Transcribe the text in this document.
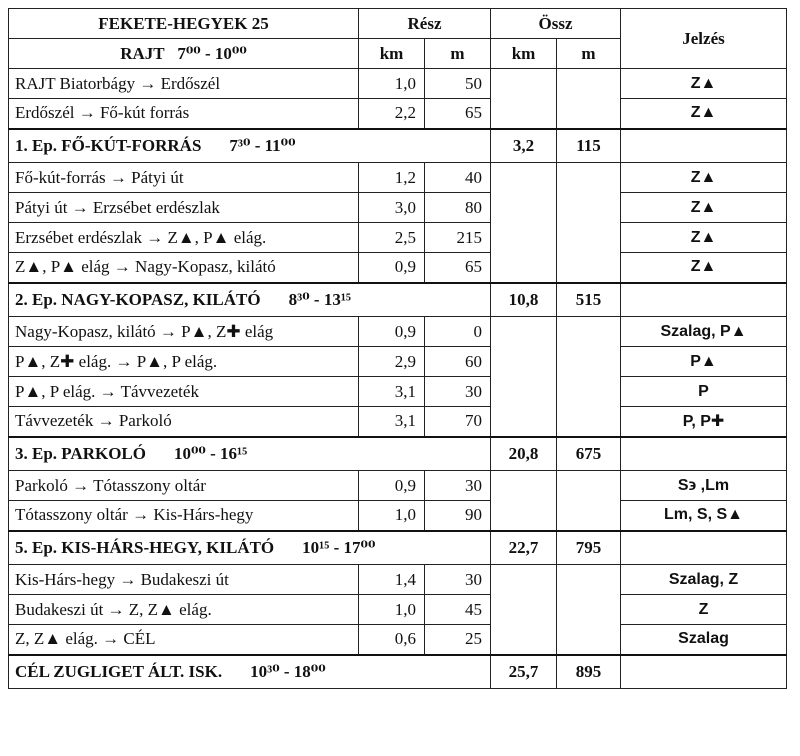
FEKETE-HEGYEK 25	Rész		Össz		Jelzés
RAJT 7⁰⁰ - 10⁰⁰	km	m	km	m	
RAJT Biatorbágy → Erdőszél	1,0	50			Z▲
Erdőszél → Fő-kút forrás	2,2	65			Z▲
1. Ep. FŐ-KÚT-FORRÁS 7³⁰ - 11⁰⁰			3,2	115	
Fő-kút-forrás → Pátyi út	1,2	40			Z▲
Pátyi út → Erzsébet erdészlak	3,0	80			Z▲
Erzsébet erdészlak → Z▲, P▲ elág.	2,5	215			Z▲
Z▲, P▲ elág → Nagy-Kopasz, kilátó	0,9	65			Z▲
2. Ep. NAGY-KOPASZ, KILÁTÓ 8³⁰ - 13¹⁵			10,8	515	
Nagy-Kopasz, kilátó → P▲, Z✚ elág	0,9	0			Szalag, P▲
P▲, Z✚ elág. → P▲, P elág.	2,9	60			P▲
P▲, P elág. → Távvezeték	3,1	30			P
Távvezeték → Parkoló	3,1	70			P, P✚
3. Ep. PARKOLÓ 10⁰⁰ - 16¹⁵			20,8	675	
Parkoló → Tótasszony oltár	0,9	30			S϶ ,Lm
Tótasszony oltár → Kis-Hárs-hegy	1,0	90			Lm, S, S▲
5. Ep. KIS-HÁRS-HEGY, KILÁTÓ 10¹⁵ - 17⁰⁰			22,7	795	
Kis-Hárs-hegy → Budakeszi út	1,4	30			Szalag, Z
Budakeszi út → Z, Z▲ elág.	1,0	45			Z
Z, Z▲ elág. → CÉL	0,6	25			Szalag
CÉL ZUGLIGET ÁLT. ISK. 10³⁰ - 18⁰⁰			25,7	895	
